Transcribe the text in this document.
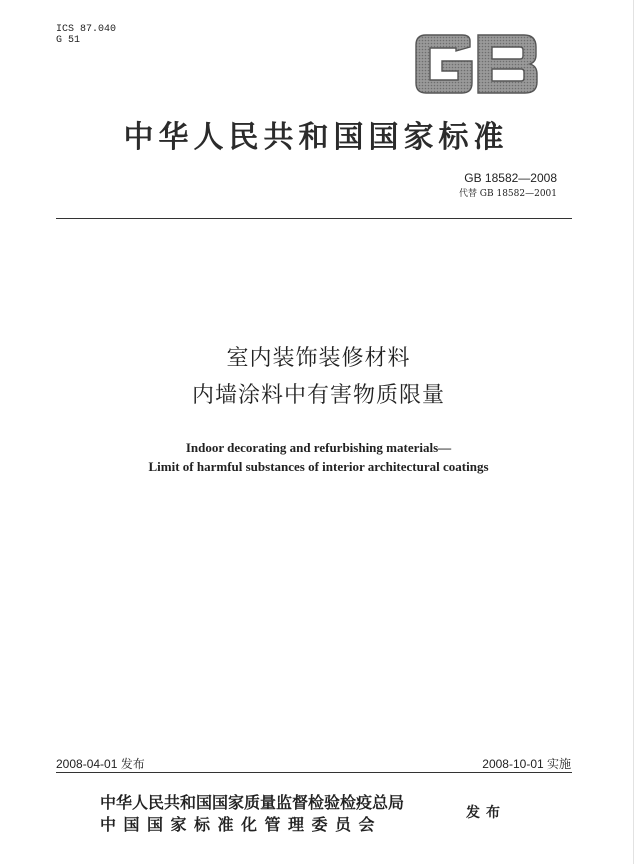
ICS 87.040
G 51
中华人民共和国国家标准
GB 18582—2008
代替 GB 18582—2001
室内装饰装修材料
内墙涂料中有害物质限量
Indoor decorating and refurbishing materials—
Limit of harmful substances of interior architectural coatings
2008-04-01 发布	2008-10-01 实施
中华人民共和国国家质量监督检验检疫总局
中国国家标准化管理委员会
发布
